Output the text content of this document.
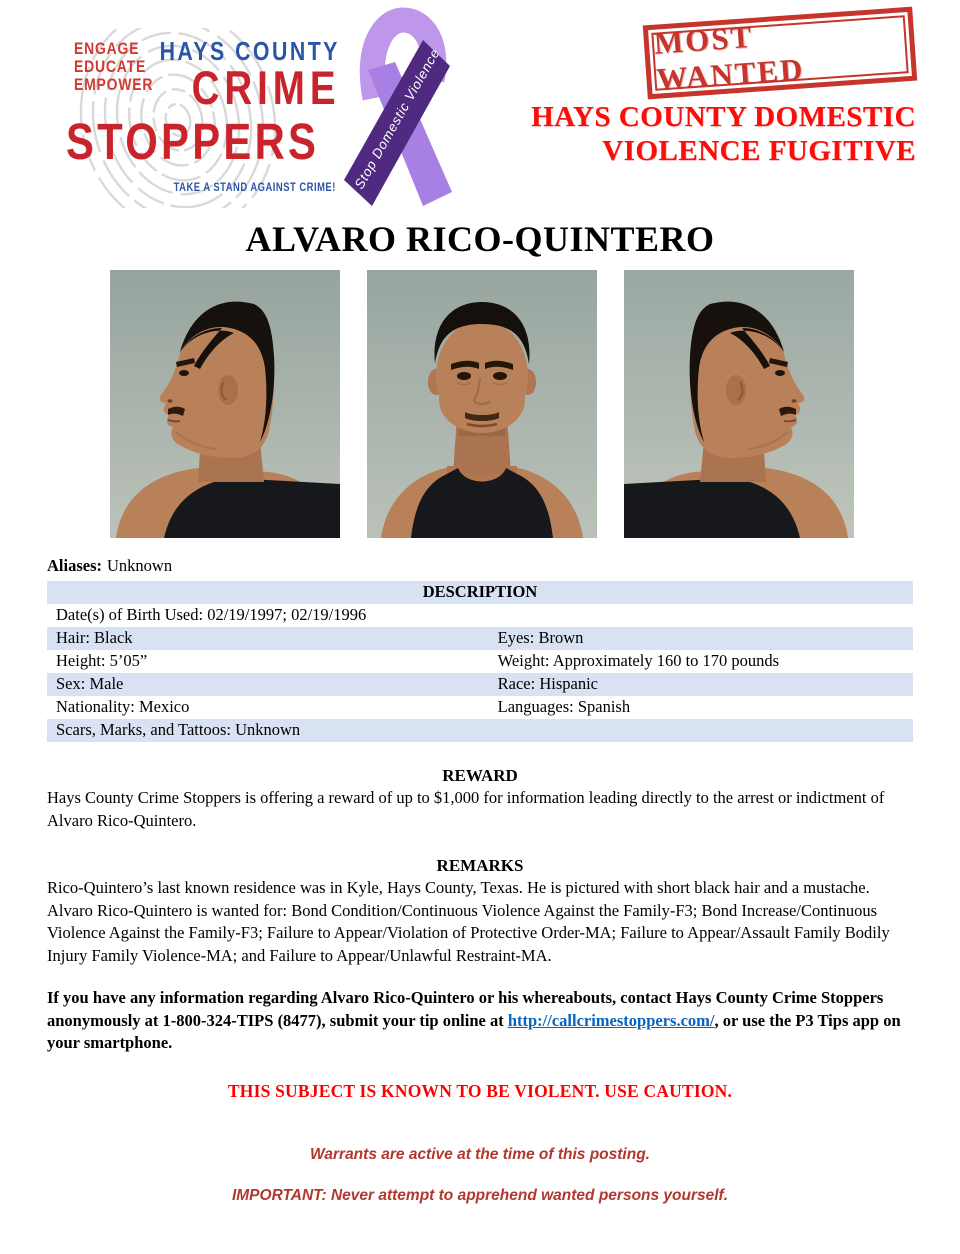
ENGAGE
EDUCATE
EMPOWER
HAYS COUNTY
CRIME
STOPPERS
TAKE A STAND AGAINST CRIME! Stop Domestic Violence	MOST WANTED
HAYS COUNTY DOMESTIC
VIOLENCE FUGITIVE
ALVARO RICO-QUINTERO
Aliases: Unknown
DESCRIPTION
Date(s) of Birth Used: 02/19/1997; 02/19/1996
Hair: Black	Eyes: Brown
Height: 5’05”	Weight: Approximately 160 to 170 pounds
Sex: Male	Race: Hispanic
Nationality: Mexico	Languages: Spanish
Scars, Marks, and Tattoos: Unknown
REWARD
Hays County Crime Stoppers is offering a reward of up to $1,000 for information leading directly to the arrest or indictment of Alvaro Rico-Quintero.
REMARKS
Rico-Quintero’s last known residence was in Kyle, Hays County, Texas. He is pictured with short black hair and a mustache. Alvaro Rico-Quintero is wanted for: Bond Condition/Continuous Violence Against the Family-F3; Bond Increase/Continuous Violence Against the Family-F3; Failure to Appear/Violation of Protective Order-MA; Failure to Appear/Assault Family Bodily Injury Family Violence-MA; and Failure to Appear/Unlawful Restraint-MA.
If you have any information regarding Alvaro Rico-Quintero or his whereabouts, contact Hays County Crime Stoppers anonymously at 1-800-324-TIPS (8477), submit your tip online at http://callcrimestoppers.com/, or use the P3 Tips app on your smartphone.
THIS SUBJECT IS KNOWN TO BE VIOLENT. USE CAUTION.
Warrants are active at the time of this posting.
IMPORTANT: Never attempt to apprehend wanted persons yourself.
